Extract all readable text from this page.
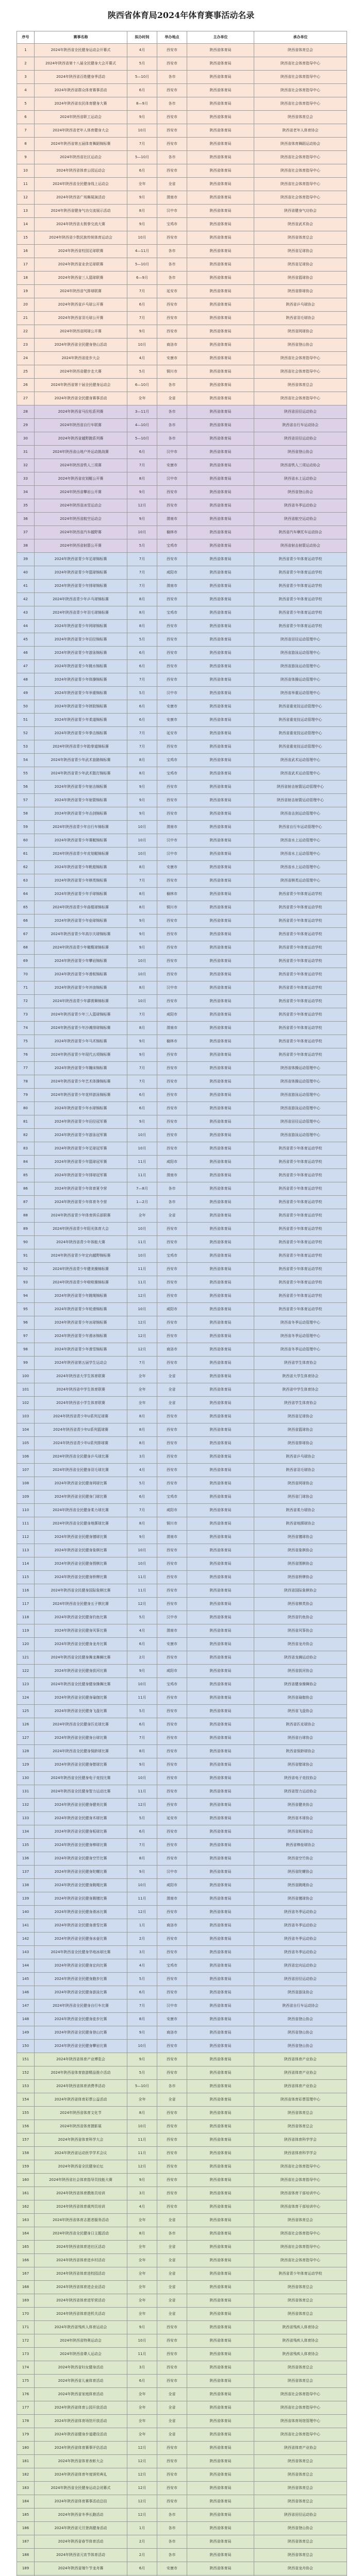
陕西省体育局2024年体育赛事活动名录
序号	赛事名称	拟办时间	举办地点	主办单位	承办单位
1	2024年陕西省全民健身运动会开幕式	4月	西安市	陕西省体育局	陕西省体育总会
2	2024年陕西省第十八届全民健身大会开幕式	5月	西安市	陕西省体育局	陕西省社会体育指导中心
3	2024年陕西省百姓健身季活动	5—10月	各市	陕西省体育局	陕西省社会体育指导中心
4	2024年陕西省群众体育赛事活动	6月	西安市	陕西省体育局	陕西省社会体育指导中心
5	2024年陕西省农民体育健身大赛	8—9月	各市	陕西省体育局	陕西省社会体育指导中心
6	2024年陕西省职工运动会	9月	西安市	陕西省体育局	陕西省体育总会
7	2024年陕西省老年人体育健身大会	10月	西安市	陕西省体育局	陕西省老年人体育协会
8	2024年陕西省第五届体育舞蹈锦标赛	7月	西安市	陕西省体育局	陕西省体育舞蹈运动协会
9	2024年陕西省社区运动会	5—10月	各市	陕西省体育局	陕西省社会体育指导中心
10	2024年陕西省体育公园运动会	6月	西安市	陕西省体育局	陕西省社会体育指导中心
11	2024年陕西省全民健身线上运动会	全年	全省	陕西省体育局	陕西省社会体育指导中心
12	2024年陕西省广场舞展演活动	9月	渭南市	陕西省体育局	陕西省社会体育指导中心
13	2024年陕西省健身气功交流展示活动	8月	汉中市	陕西省体育局	陕西省健身气功协会
14	2024年陕西省太极拳交流大赛	9月	宝鸡市	陕西省体育局	陕西省武术协会
15	2024年陕西省少数民族传统体育运动会	10月	西安市	陕西省体育局	陕西省体育总会
16	2024年陕西省校园足球联赛	4—11月	各市	陕西省体育局	陕西省足球协会
17	2024年陕西省业余足球联赛	5—10月	各市	陕西省体育局	陕西省足球协会
18	2024年陕西省三人篮球联赛	6—9月	各市	陕西省体育局	陕西省篮球协会
19	2024年陕西省气排球联赛	7月	延安市	陕西省体育局	陕西省排球协会
20	2024年陕西省乒乓球公开赛	6月	西安市	陕西省体育局	陕西省乒乓球协会
21	2024年陕西省羽毛球公开赛	7月	西安市	陕西省体育局	陕西省羽毛球协会
22	2024年陕西省网球公开赛	9月	西安市	陕西省体育局	陕西省网球协会
23	2024年陕西省全民健身登山活动	10月	商洛市	陕西省体育局	陕西省登山协会
24	2024年陕西省徒步大会	4月	安康市	陕西省体育局	陕西省社会体育指导中心
25	2024年陕西省健步走大赛	5月	铜川市	陕西省体育局	陕西省社会体育指导中心
26	2024年陕西省第十届全民健身运动会	6—10月	各市	陕西省体育局	陕西省体育总会
27	2024年陕西省全民健身赛事活动	全年	全省	陕西省体育局	陕西省社会体育指导中心
28	2024年陕西省马拉松系列赛	3—11月	各市	陕西省体育局	陕西省田径运动协会
29	2024年陕西省自行车联赛	4—10月	各市	陕西省体育局	陕西省自行车运动协会
30	2024年陕西省越野跑系列赛	5—10月	各市	陕西省体育局	陕西省田径运动协会
31	2024年陕西省山地户外运动挑战赛	6月	汉中市	陕西省体育局	陕西省登山协会
32	2024年陕西省铁人三项赛	7月	安康市	陕西省体育局	陕西省铁人三项运动协会
33	2024年陕西省皮划艇公开赛	8月	汉中市	陕西省体育局	陕西省水上运动协会
34	2024年陕西省攀岩公开赛	9月	西安市	陕西省体育局	陕西省登山协会
35	2024年陕西省冰雪运动会	12月	西安市	陕西省体育局	陕西省冬季运动协会
36	2024年陕西省航空运动会	9月	渭南市	陕西省体育局	陕西省航空运动协会
37	2024年陕西省汽车越野赛	10月	榆林市	陕西省体育局	陕西省汽车摩托车运动协会
38	2024年陕西省射箭公开赛	5月	宝鸡市	陕西省体育局	陕西省射击射箭运动协会
39	2024年陕西省青少年足球锦标赛	7月	西安市	陕西省体育局	陕西省青少年体育运动学校
40	2024年陕西省青少年篮球锦标赛	7月	咸阳市	陕西省体育局	陕西省青少年体育运动学校
41	2024年陕西省青少年排球锦标赛	7月	渭南市	陕西省体育局	陕西省青少年体育运动学校
42	2024年陕西省青少年乒乓球锦标赛	8月	西安市	陕西省体育局	陕西省青少年体育运动学校
43	2024年陕西省青少年羽毛球锦标赛	8月	宝鸡市	陕西省体育局	陕西省青少年体育运动学校
44	2024年陕西省青少年网球锦标赛	8月	西安市	陕西省体育局	陕西省青少年体育运动学校
45	2024年陕西省青少年田径锦标赛	5月	西安市	陕西省体育局	陕西省田径运动管理中心
46	2024年陕西省青少年游泳锦标赛	6月	西安市	陕西省体育局	陕西省游泳运动管理中心
47	2024年陕西省青少年跳水锦标赛	6月	西安市	陕西省体育局	陕西省游泳运动管理中心
48	2024年陕西省青少年体操锦标赛	7月	西安市	陕西省体育局	陕西省体操运动管理中心
49	2024年陕西省青少年举重锦标赛	5月	汉中市	陕西省体育局	陕西省举重运动管理中心
50	2024年陕西省青少年摔跤锦标赛	6月	安康市	陕西省体育局	陕西省重竞技运动管理中心
51	2024年陕西省青少年柔道锦标赛	6月	安康市	陕西省体育局	陕西省重竞技运动管理中心
52	2024年陕西省青少年拳击锦标赛	7月	延安市	陕西省体育局	陕西省重竞技运动管理中心
53	2024年陕西省青少年跆拳道锦标赛	7月	西安市	陕西省体育局	陕西省重竞技运动管理中心
54	2024年陕西省青少年武术套路锦标赛	8月	宝鸡市	陕西省体育局	陕西省武术运动管理中心
55	2024年陕西省青少年武术散打锦标赛	8月	宝鸡市	陕西省体育局	陕西省武术运动管理中心
56	2024年陕西省青少年射击锦标赛	9月	西安市	陕西省体育局	陕西省射击射箭运动管理中心
57	2024年陕西省青少年射箭锦标赛	9月	西安市	陕西省体育局	陕西省射击射箭运动管理中心
58	2024年陕西省青少年击剑锦标赛	9月	西安市	陕西省体育局	陕西省击剑运动管理中心
59	2024年陕西省青少年自行车锦标赛	10月	渭南市	陕西省体育局	陕西省自行车运动管理中心
60	2024年陕西省青少年赛艇锦标赛	10月	汉中市	陕西省体育局	陕西省水上运动管理中心
61	2024年陕西省青少年皮划艇锦标赛	10月	汉中市	陕西省体育局	陕西省水上运动管理中心
62	2024年陕西省青少年帆船锦标赛	8月	安康市	陕西省体育局	陕西省水上运动管理中心
63	2024年陕西省青少年棋类锦标赛	7月	西安市	陕西省体育局	陕西省棋类运动管理中心
64	2024年陕西省青少年手球锦标赛	8月	榆林市	陕西省体育局	陕西省青少年体育运动学校
65	2024年陕西省青少年曲棍球锦标赛	8月	铜川市	陕西省体育局	陕西省青少年体育运动学校
66	2024年陕西省青少年垒球锦标赛	9月	西安市	陕西省体育局	陕西省青少年体育运动学校
67	2024年陕西省青少年高尔夫球锦标赛	9月	西安市	陕西省体育局	陕西省青少年体育运动学校
68	2024年陕西省青少年橄榄球锦标赛	9月	西安市	陕西省体育局	陕西省青少年体育运动学校
69	2024年陕西省青少年攀岩锦标赛	10月	西安市	陕西省体育局	陕西省青少年体育运动学校
70	2024年陕西省青少年滑板锦标赛	10月	西安市	陕西省体育局	陕西省青少年体育运动学校
71	2024年陕西省青少年冲浪锦标赛	8月	汉中市	陕西省体育局	陕西省青少年体育运动学校
72	2024年陕西省青少年霹雳舞锦标赛	10月	西安市	陕西省体育局	陕西省青少年体育运动学校
73	2024年陕西省青少年三人篮球锦标赛	7月	咸阳市	陕西省体育局	陕西省青少年体育运动学校
74	2024年陕西省青少年沙滩排球锦标赛	8月	渭南市	陕西省体育局	陕西省青少年体育运动学校
75	2024年陕西省青少年马术锦标赛	9月	榆林市	陕西省体育局	陕西省青少年体育运动学校
76	2024年陕西省青少年现代五项锦标赛	9月	西安市	陕西省体育局	陕西省青少年体育运动学校
77	2024年陕西省青少年蹦床锦标赛	7月	西安市	陕西省体育局	陕西省体操运动管理中心
78	2024年陕西省青少年艺术体操锦标赛	7月	西安市	陕西省体育局	陕西省体操运动管理中心
79	2024年陕西省青少年花样游泳锦标赛	6月	西安市	陕西省体育局	陕西省游泳运动管理中心
80	2024年陕西省青少年水球锦标赛	6月	西安市	陕西省体育局	陕西省游泳运动管理中心
81	2024年陕西省青少年田径冠军赛	9月	西安市	陕西省体育局	陕西省田径运动管理中心
82	2024年陕西省青少年游泳冠军赛	10月	西安市	陕西省体育局	陕西省游泳运动管理中心
83	2024年陕西省青少年足球冠军赛	10月	西安市	陕西省体育局	陕西省青少年体育运动学校
84	2024年陕西省青少年篮球冠军赛	11月	咸阳市	陕西省体育局	陕西省青少年体育运动学校
85	2024年陕西省青少年排球冠军赛	11月	渭南市	陕西省体育局	陕西省青少年体育运动学校
86	2024年陕西省青少年体育夏令营	7—8月	各市	陕西省体育局	陕西省青少年体育运动学校
87	2024年陕西省青少年体育冬令营	1—2月	各市	陕西省体育局	陕西省青少年体育运动学校
88	2024年陕西省青少年体育俱乐部联赛	全年	全省	陕西省体育局	陕西省青少年体育运动学校
89	2024年陕西省青少年阳光体育大会	10月	西安市	陕西省体育局	陕西省青少年体育运动学校
90	2024年陕西省青少年体能大赛	11月	西安市	陕西省体育局	陕西省青少年体育运动学校
91	2024年陕西省青少年定向越野锦标赛	10月	宝鸡市	陕西省体育局	陕西省青少年体育运动学校
92	2024年陕西省青少年健美操锦标赛	11月	西安市	陕西省体育局	陕西省青少年体育运动学校
93	2024年陕西省青少年啦啦操锦标赛	11月	西安市	陕西省体育局	陕西省青少年体育运动学校
94	2024年陕西省青少年跳绳锦标赛	12月	西安市	陕西省体育局	陕西省青少年体育运动学校
95	2024年陕西省青少年轮滑锦标赛	10月	咸阳市	陕西省体育局	陕西省青少年体育运动学校
96	2024年陕西省青少年冰球锦标赛	12月	西安市	陕西省体育局	陕西省冬季运动管理中心
97	2024年陕西省青少年滑冰锦标赛	12月	西安市	陕西省体育局	陕西省冬季运动管理中心
98	2024年陕西省青少年滑雪锦标赛	12月	商洛市	陕西省体育局	陕西省冬季运动管理中心
99	2024年陕西省第五届学生运动会	7月	西安市	陕西省体育局	陕西省学生体育协会
100	2024年陕西省大学生体育联赛	全年	全省	陕西省体育局	陕西省大学生体育协会
101	2024年陕西省中学生体育联赛	全年	全省	陕西省体育局	陕西省中学生体育协会
102	2024年陕西省小学生体育联赛	全年	全省	陕西省体育局	陕西省学生体育协会
103	2024年陕西省青少年U系列足球赛	8月	西安市	陕西省体育局	陕西省足球协会
104	2024年陕西省青少年U系列篮球赛	8月	西安市	陕西省体育局	陕西省篮球协会
105	2024年陕西省青少年U系列排球赛	8月	西安市	陕西省体育局	陕西省排球协会
106	2024年陕西省全民健身乒乓球比赛	3月	西安市	陕西省体育局	陕西省乒乓球协会
107	2024年陕西省全民健身羽毛球比赛	4月	西安市	陕西省体育局	陕西省羽毛球协会
108	2024年陕西省全民健身网球比赛	5月	西安市	陕西省体育局	陕西省网球协会
109	2024年陕西省全民健身门球比赛	6月	宝鸡市	陕西省体育局	陕西省门球协会
110	2024年陕西省全民健身柔力球比赛	7月	咸阳市	陕西省体育局	陕西省柔力球协会
111	2024年陕西省全民健身地掷球比赛	8月	铜川市	陕西省体育局	陕西省地掷球协会
112	2024年陕西省全民健身毽球比赛	9月	渭南市	陕西省体育局	陕西省毽球协会
113	2024年陕西省全民健身象棋比赛	10月	西安市	陕西省体育局	陕西省象棋协会
114	2024年陕西省全民健身围棋比赛	10月	西安市	陕西省体育局	陕西省围棋协会
115	2024年陕西省全民健身桥牌比赛	11月	西安市	陕西省体育局	陕西省桥牌协会
116	2024年陕西省全民健身国际象棋比赛	11月	西安市	陕西省体育局	陕西省国际象棋协会
117	2024年陕西省全民健身五子棋比赛	12月	西安市	陕西省体育局	陕西省棋类协会
118	2024年陕西省全民健身钓鱼比赛	5月	汉中市	陕西省体育局	陕西省钓鱼协会
119	2024年陕西省全民健身风筝比赛	4月	渭南市	陕西省体育局	陕西省风筝协会
120	2024年陕西省全民健身龙舟比赛	6月	安康市	陕西省体育局	陕西省龙舟协会
121	2024年陕西省全民健身舞龙舞狮比赛	2月	西安市	陕西省体育局	陕西省龙狮运动协会
122	2024年陕西省全民健身拔河比赛	9月	咸阳市	陕西省体育局	陕西省拔河协会
123	2024年陕西省全民健身健身操舞比赛	10月	宝鸡市	陕西省体育局	陕西省健身操舞协会
124	2024年陕西省全民健身瑜伽比赛	11月	西安市	陕西省体育局	陕西省瑜伽协会
125	2024年陕西省全民健身飞盘比赛	5月	西安市	陕西省体育局	陕西省飞盘协会
126	2024年陕西省全民健身匹克球比赛	6月	西安市	陕西省体育局	陕西省匹克球协会
127	2024年陕西省全民健身台球比赛	7月	西安市	陕西省体育局	陕西省台球协会
128	2024年陕西省全民健身保龄球比赛	8月	西安市	陕西省体育局	陕西省保龄球协会
129	2024年陕西省全民健身壁球比赛	9月	西安市	陕西省体育局	陕西省壁球协会
130	2024年陕西省全民健身电子竞技比赛	10月	西安市	陕西省体育局	陕西省电子竞技协会
131	2024年陕西省全民健身智力运动比赛	11月	西安市	陕西省体育局	陕西省智力运动协会
132	2024年陕西省全民健身健美比赛	12月	西安市	陕西省体育局	陕西省健美协会
133	2024年陕西省全民健身木球比赛	5月	延安市	陕西省体育局	陕西省木球协会
134	2024年陕西省全民健身板球比赛	6月	西安市	陕西省体育局	陕西省板球协会
135	2024年陕西省全民健身棒球比赛	7月	西安市	陕西省体育局	陕西省棒垒球协会
136	2024年陕西省全民健身空竹比赛	8月	西安市	陕西省体育局	陕西省空竹协会
137	2024年陕西省全民健身陀螺比赛	9月	汉中市	陕西省体育局	陕西省陀螺协会
138	2024年陕西省全民健身跳绳比赛	10月	咸阳市	陕西省体育局	陕西省跳绳协会
139	2024年陕西省全民健身踢毽比赛	11月	渭南市	陕西省体育局	陕西省毽球协会
140	2024年陕西省全民健身滑冰比赛	12月	西安市	陕西省体育局	陕西省冬季运动协会
141	2024年陕西省全民健身滑雪比赛	1月	商洛市	陕西省体育局	陕西省冬季运动协会
142	2024年陕西省全民健身冰壶比赛	2月	西安市	陕西省体育局	陕西省冬季运动协会
143	2024年陕西省全民健身旱地冰球比赛	3月	西安市	陕西省体育局	陕西省冬季运动协会
144	2024年陕西省全民健身定向比赛	4月	宝鸡市	陕西省体育局	陕西省定向运动协会
145	2024年陕西省全民健身跑步比赛	5月	西安市	陕西省体育局	陕西省田径运动协会
146	2024年陕西省全民健身游泳比赛	6月	西安市	陕西省体育局	陕西省游泳协会
147	2024年陕西省全民健身自行车比赛	7月	汉中市	陕西省体育局	陕西省自行车运动协会
148	2024年陕西省全民健身徒步比赛	8月	安康市	陕西省体育局	陕西省登山协会
149	2024年陕西省全民健身登山比赛	9月	商洛市	陕西省体育局	陕西省登山协会
150	2024年陕西省全民健身攀岩比赛	10月	西安市	陕西省体育局	陕西省登山协会
151	2024年陕西省体育产业博览会	9月	西安市	陕西省体育局	陕西省体育产业协会
152	2024年陕西省体育旅游精品推介活动	5月	西安市	陕西省体育局	陕西省体育产业协会
153	2024年陕西省体育消费季活动	5—10月	各市	陕西省体育局	陕西省体育产业协会
154	2024年陕西省体育彩票公益活动	全年	全省	陕西省体育局	陕西省体育彩票管理中心
155	2024年陕西省体育文化节	8月	西安市	陕西省体育局	陕西省体育总会
156	2024年陕西省体育摄影展	10月	西安市	陕西省体育局	陕西省体育总会
157	2024年陕西省体育科学大会	11月	西安市	陕西省体育局	陕西省体育科学学会
158	2024年陕西省运动医学学术会议	11月	西安市	陕西省体育局	陕西省体育科学学会
159	2024年陕西省全民健身论坛	12月	西安市	陕西省体育局	陕西省社会体育指导中心
160	2024年陕西省社会体育指导员技能大赛	9月	西安市	陕西省体育局	陕西省社会体育指导中心
161	2024年陕西省体育教练员培训	3月	西安市	陕西省体育局	陕西省体育干部培训中心
162	2024年陕西省体育裁判员培训	4月	西安市	陕西省体育局	陕西省体育干部培训中心
163	2024年陕西省体育志愿者服务活动	全年	全省	陕西省体育局	陕西省体育总会
164	2024年陕西省全民健身日主题活动	8月	各市	陕西省体育局	陕西省社会体育指导中心
165	2024年陕西省体育进社区活动	全年	全省	陕西省体育局	陕西省社会体育指导中心
166	2024年陕西省体育进乡村活动	全年	全省	陕西省体育局	陕西省社会体育指导中心
167	2024年陕西省体育进校园活动	全年	全省	陕西省体育局	陕西省青少年体育运动学校
168	2024年陕西省体育进企业活动	全年	全省	陕西省体育局	陕西省体育总会
169	2024年陕西省体育进军营活动	全年	全省	陕西省体育局	陕西省体育总会
170	2024年陕西省体育进机关活动	全年	全省	陕西省体育局	陕西省体育总会
171	2024年陕西省残疾人体育运动会	9月	西安市	陕西省体育局	陕西省残疾人体育协会
172	2024年陕西省特奥运动会	10月	西安市	陕西省体育局	陕西省残疾人体育协会
173	2024年陕西省聋人运动会	11月	西安市	陕西省体育局	陕西省残疾人体育协会
174	2024年陕西省妇女健身活动	3月	西安市	陕西省体育局	陕西省体育总会
175	2024年陕西省儿童体育活动	6月	西安市	陕西省体育局	陕西省体育总会
176	2024年陕西省家庭体育活动	全年	全省	陕西省体育局	陕西省社会体育指导中心
177	2024年陕西省体育公园开放活动	全年	全省	陕西省体育局	陕西省社会体育指导中心
178	2024年陕西省体育场馆开放活动	全年	全省	陕西省体育局	陕西省体育场馆管理中心
179	2024年陕西省健身步道建设活动	全年	全省	陕西省体育局	陕西省社会体育指导中心
180	2024年陕西省体育赛事评估活动	12月	西安市	陕西省体育局	陕西省体育产业协会
181	2024年陕西省体育表彰大会	12月	西安市	陕西省体育局	陕西省体育总会
182	2024年陕西省体育年度颁奖典礼	12月	西安市	陕西省体育局	陕西省体育总会
183	2024年陕西省全民健身运动会闭幕式	12月	西安市	陕西省体育局	陕西省体育总会
184	2024年陕西省体育赛事活动总结	12月	西安市	陕西省体育局	陕西省体育总会
185	2024年陕西省冬季长跑活动	12月	各市	陕西省体育局	陕西省田径运动协会
186	2024年陕西省元旦登高健身活动	1月	各市	陕西省体育局	陕西省登山协会
187	2024年陕西省春节体育活动	2月	各市	陕西省体育局	陕西省体育总会
188	2024年陕西省元宵节体育活动	2月	各市	陕西省体育局	陕西省体育总会
189	2024年陕西省端午节龙舟赛	6月	安康市	陕西省体育局	陕西省龙舟协会
